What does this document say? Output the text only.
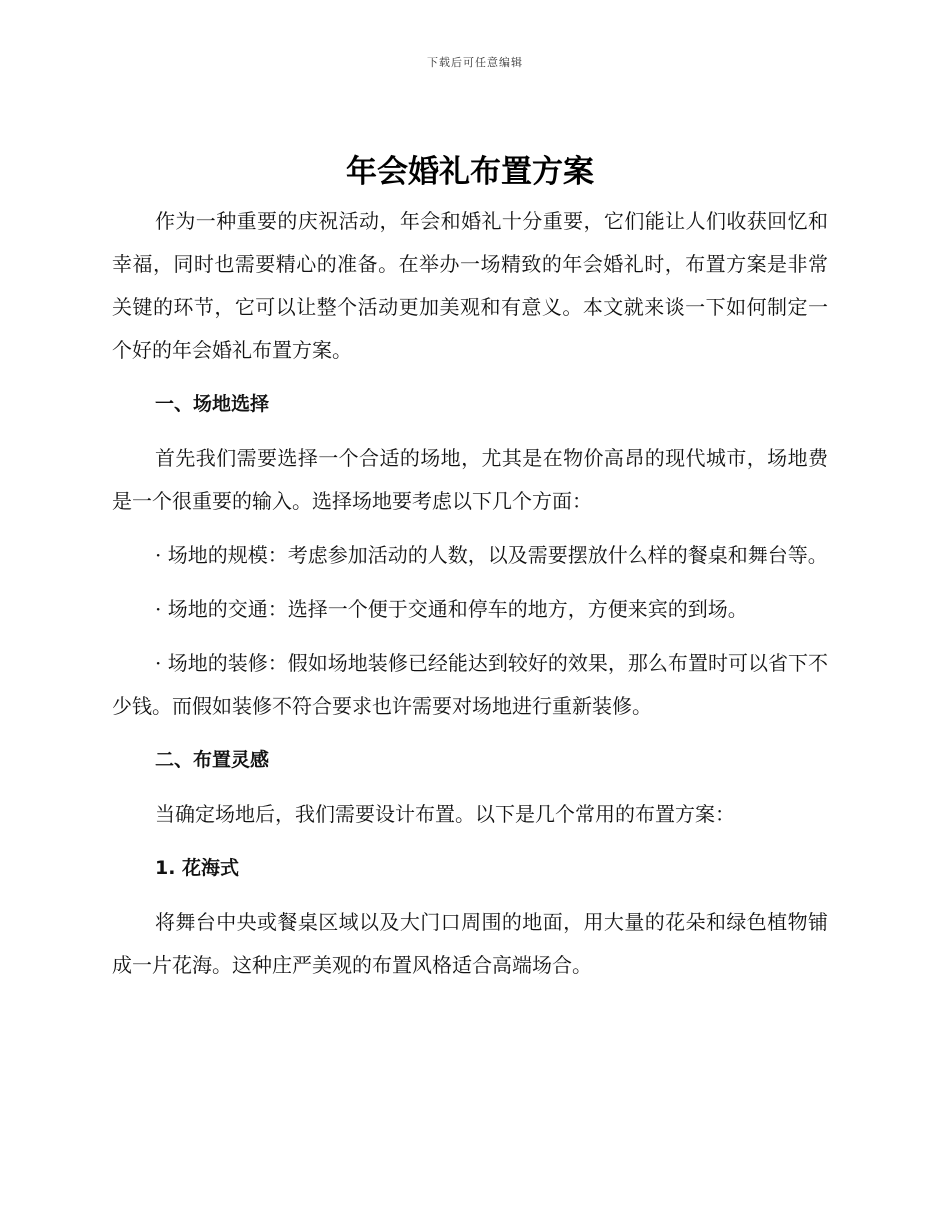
下载后可任意编辑
年会婚礼布置方案

作为一种重要的庆祝活动，年会和婚礼十分重要，它们能让人们收获回忆和幸福，同时也需要精心的准备。在举办一场精致的年会婚礼时，布置方案是非常关键的环节，它可以让整个活动更加美观和有意义。本文就来谈一下如何制定一个好的年会婚礼布置方案。

一、场地选择

首先我们需要选择一个合适的场地，尤其是在物价高昂的现代城市，场地费是一个很重要的输入。选择场地要考虑以下几个方面：

· 场地的规模：考虑参加活动的人数，以及需要摆放什么样的餐桌和舞台等。

· 场地的交通：选择一个便于交通和停车的地方，方便来宾的到场。

· 场地的装修：假如场地装修已经能达到较好的效果，那么布置时可以省下不少钱。而假如装修不符合要求也许需要对场地进行重新装修。

二、布置灵感

当确定场地后，我们需要设计布置。以下是几个常用的布置方案：

1. 花海式

将舞台中央或餐桌区域以及大门口周围的地面，用大量的花朵和绿色植物铺成一片花海。这种庄严美观的布置风格适合高端场合。
